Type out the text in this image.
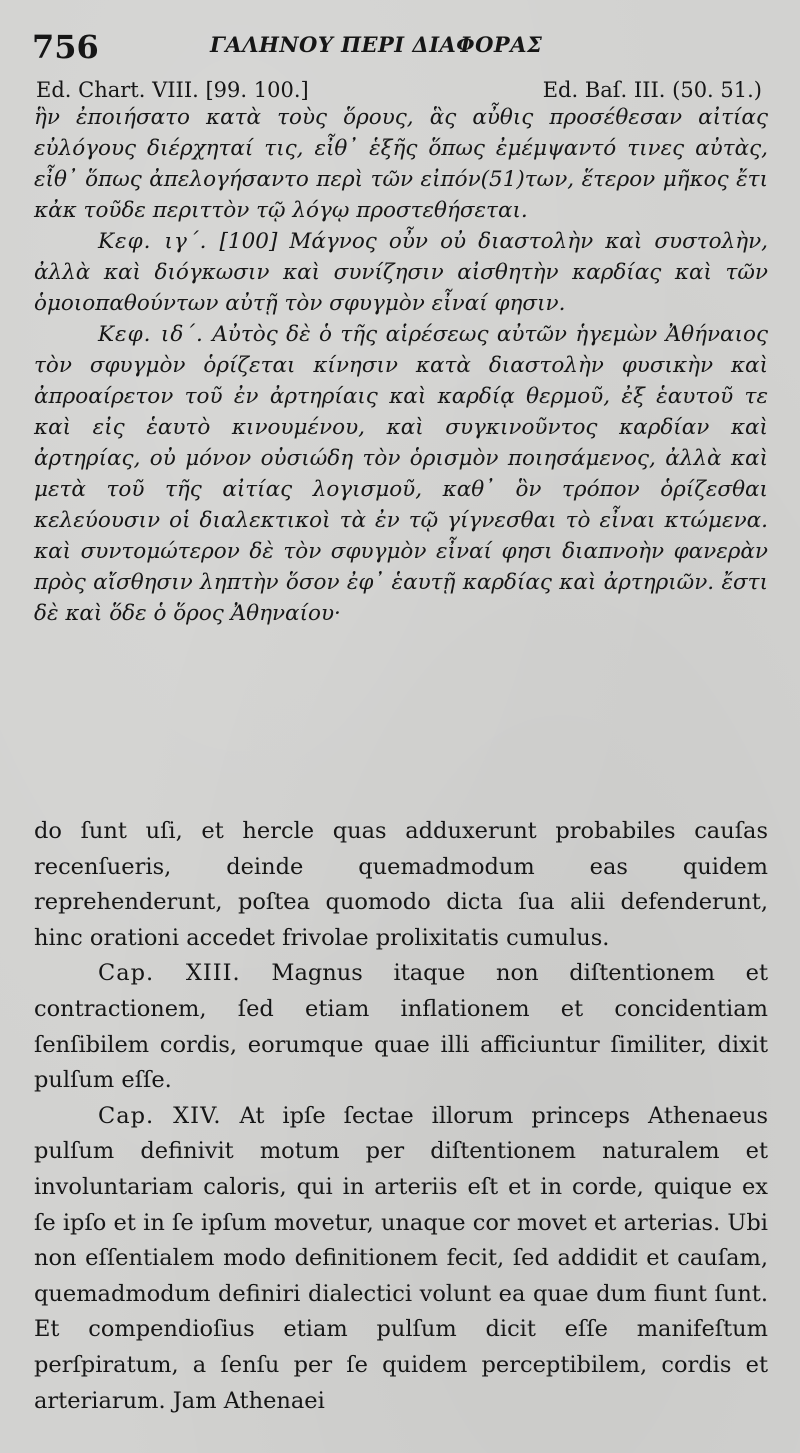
756	ΓΑΛΗΝΟΥ ΠΕΡΙ ΔΙΑΦΟΡΑΣ
Ed. Chart. VIII. [99. 100.]	Ed. Baſ. III. (50. 51.)

ἣν ἐποιήσατο κατὰ τοὺς ὅρους, ἃς αὖθις προσέθεσαν αἰτίας εὐλόγους διέρχηταί τις, εἶθ᾽ ἑξῆς ὅπως ἐμέμψαντό τινες αὐτὰς, εἶθ᾽ ὅπως ἀπελογήσαντο περὶ τῶν εἰπόν(51)των, ἕτερον μῆκος ἔτι κἀκ τοῦδε περιττὸν τῷ λόγῳ προστεθήσεται.

Κεφ. ιγ΄. [100] Μάγνος οὖν οὐ διαστολὴν καὶ συστολὴν, ἀλλὰ καὶ διόγκωσιν καὶ συνίζησιν αἰσθητὴν καρδίας καὶ τῶν ὁμοιοπαθούντων αὐτῇ τὸν σφυγμὸν εἶναί φησιν.

Κεφ. ιδ΄. Αὐτὸς δὲ ὁ τῆς αἱρέσεως αὐτῶν ἡγεμὼν Ἀθήναιος τὸν σφυγμὸν ὁρίζεται κίνησιν κατὰ διαστολὴν φυσικὴν καὶ ἀπροαίρετον τοῦ ἐν ἀρτηρίαις καὶ καρδίᾳ θερμοῦ, ἐξ ἑαυτοῦ τε καὶ εἰς ἑαυτὸ κινουμένου, καὶ συγκινοῦντος καρδίαν καὶ ἀρτηρίας, οὐ μόνον οὐσιώδη τὸν ὁρισμὸν ποιησάμενος, ἀλλὰ καὶ μετὰ τοῦ τῆς αἰτίας λογισμοῦ, καθ᾽ ὃν τρόπον ὁρίζεσθαι κελεύουσιν οἱ διαλεκτικοὶ τὰ ἐν τῷ γίγνεσθαι τὸ εἶναι κτώμενα. καὶ συντομώτερον δὲ τὸν σφυγμὸν εἶναί φησι διαπνοὴν φανερὰν πρὸς αἴσθησιν ληπτὴν ὅσον ἐφ᾽ ἑαυτῇ καρδίας καὶ ἀρτηριῶν. ἔστι δὲ καὶ ὅδε ὁ ὅρος Ἀθηναίου·

do ſunt uſi, et hercle quas adduxerunt probabiles cauſas recenſueris, deinde quemadmodum eas quidem reprehenderunt, poſtea quomodo dicta ſua alii defenderunt, hinc orationi accedet frivolae prolixitatis cumulus.

Cap. XIII. Magnus itaque non diſtentionem et contractionem, ſed etiam inflationem et concidentiam ſenſibilem cordis, eorumque quae illi afficiuntur ſimiliter, dixit pulſum eſſe.

Cap. XIV. At ipſe ſectae illorum princeps Athenaeus pulſum definivit motum per diſtentionem naturalem et involuntariam caloris, qui in arteriis eſt et in corde, quique ex ſe ipſo et in ſe ipſum movetur, unaque cor movet et arterias. Ubi non eſſentialem modo definitionem fecit, ſed addidit et cauſam, quemadmodum definiri dialectici volunt ea quae dum fiunt ſunt. Et compendioſius etiam pulſum dicit eſſe manifeſtum perſpiratum, a ſenſu per ſe quidem perceptibilem, cordis et arteriarum. Jam Athenaei
